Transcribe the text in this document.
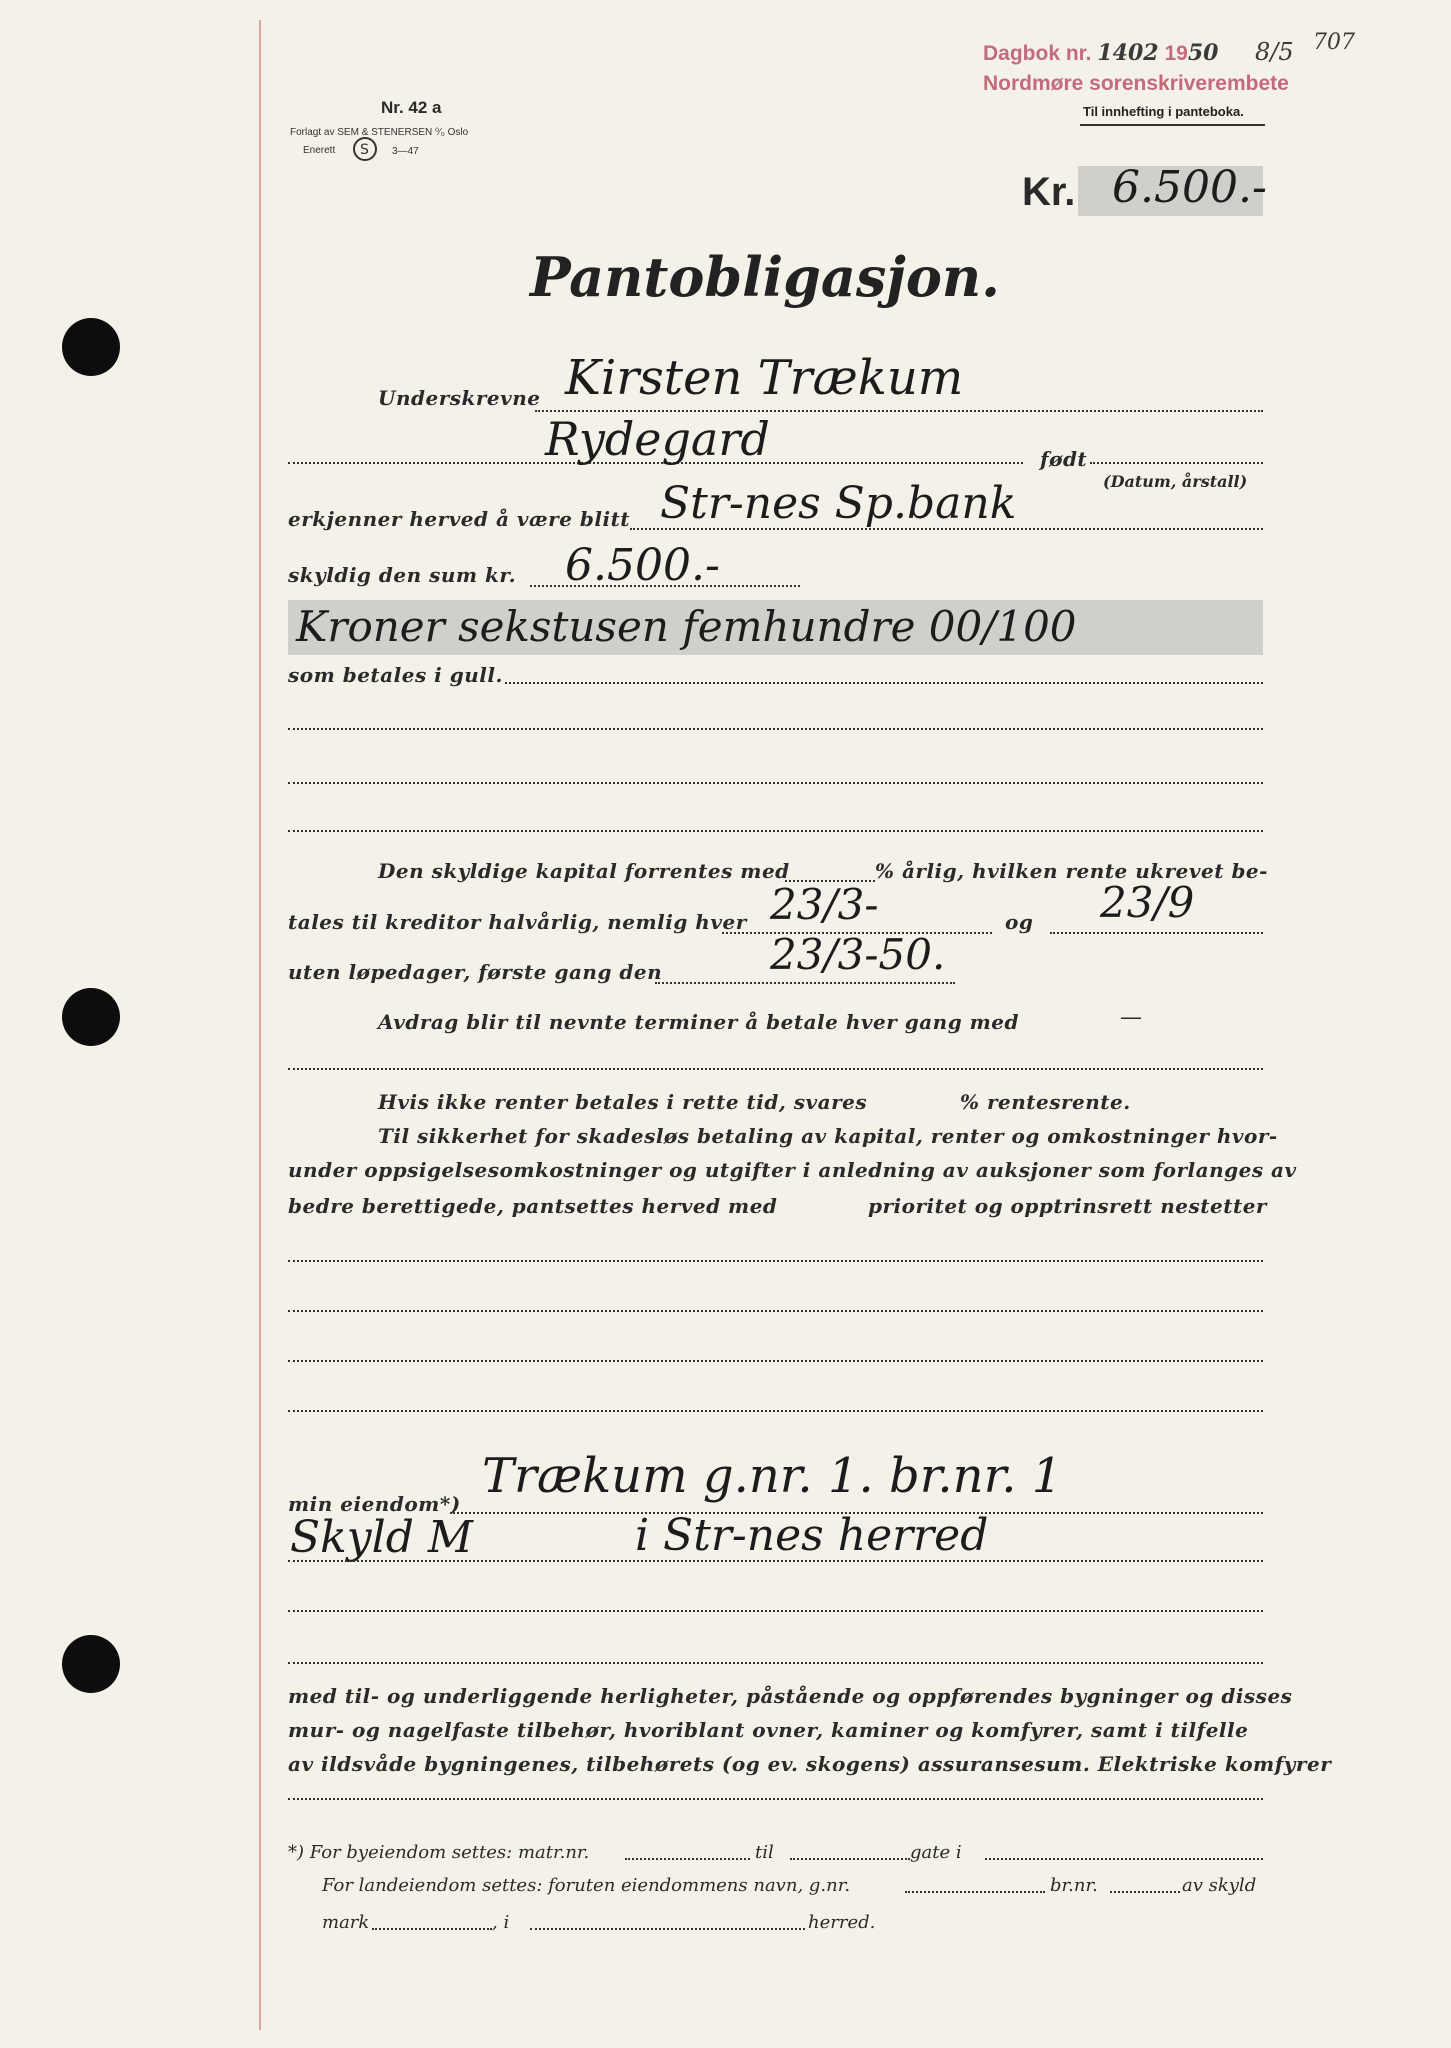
Nr. 42 a
Forlagt av SEM & STENERSEN ⁰⁄₀ Oslo
Enerett S 3—47
Dagbok nr. 1402 1950 8/5 707
Nordmøre sorenskriverembete
Til innhefting i panteboka.
Kr. 6.500.-
Pantobligasjon.
Underskrevne Kirsten Trækum
Rydegard	født
(Datum, årstall)
erkjenner herved å være blitt Str-nes Sp.bank
skyldig den sum kr. 6.500.-
Kroner sekstusen femhundre 00/100
som betales i gull.
Den skyldige kapital forrentes med	% årlig, hvilken rente ukrevet be-
tales til kreditor halvårlig, nemlig hver 23/3-	og 23/9
uten løpedager, første gang den	23/3-50.
Avdrag blir til nevnte terminer å betale hver gang med	—
Hvis ikke renter betales i rette tid, svares	% rentesrente.
Til sikkerhet for skadesløs betaling av kapital, renter og omkostninger hvor-
under oppsigelsesomkostninger og utgifter i anledning av auksjoner som forlanges av
bedre berettigede, pantsettes herved med	prioritet og opptrinsrett nestetter
min eiendom*) Trækum g.nr. 1. br.nr. 1
Skyld M	i Str-nes herred
med til- og underliggende herligheter, påstående og oppførendes bygninger og disses
mur- og nagelfaste tilbehør, hvoriblant ovner, kaminer og komfyrer, samt i tilfelle
av ildsvåde bygningenes, tilbehørets (og ev. skogens) assuransesum. Elektriske komfyrer
*) For byeiendom settes: matr.nr.	til	gate i
For landeiendom settes: foruten eiendommens navn, g.nr.	br.nr.	av skyld
mark	, i	herred.
